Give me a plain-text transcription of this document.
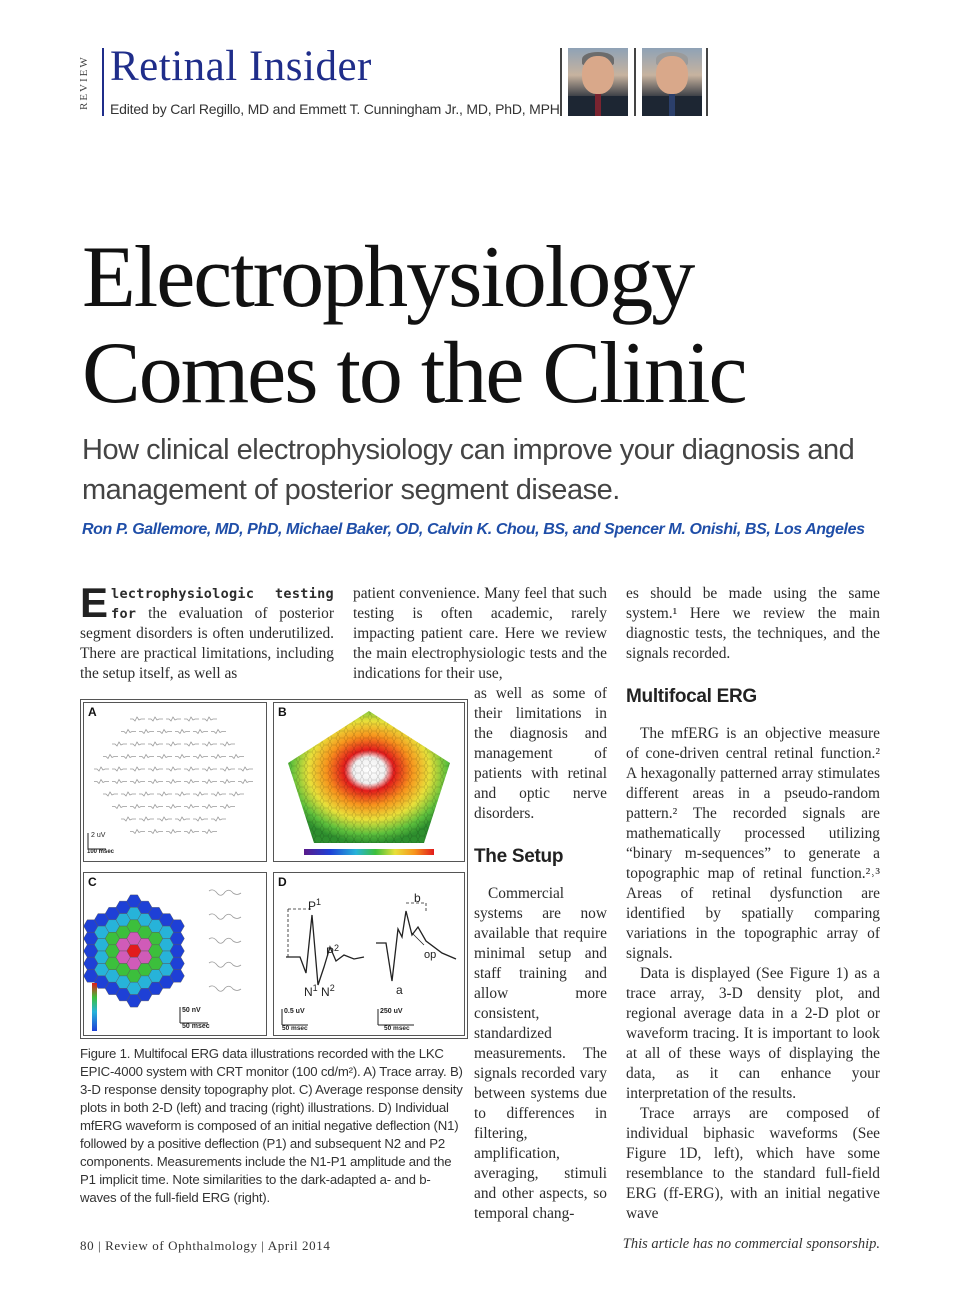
REVIEW Retinal Insider
Edited by Carl Regillo, MD and Emmett T. Cunningham Jr., MD, PhD, MPH
Electrophysiology
Comes to the Clinic
How clinical electrophysiology can improve your diagnosis and management of posterior segment disease.
Ron P. Gallemore, MD, PhD, Michael Baker, OD, Calvin K. Chou, BS, and Spencer M. Onishi, BS, Los Angeles

Electrophysiologic testing for the evaluation of posterior segment disorders is often underutilized. There are practical limitations, including the setup itself, as well as

patient convenience. Many feel that such testing is often academic, rarely impacting patient care. Here we review the main electrophysiologic tests and the indications for their use,

as well as some of their limitations in the diagnosis and management of patients with retinal and optic nerve disorders.

The Setup

Commercial systems are now available that require minimal setup and staff training and allow more consistent, standardized measurements. The signals recorded vary between systems due to differences in filtering, amplification, averaging, stimuli and other aspects, so temporal chang-

es should be made using the same system.¹ Here we review the main diagnostic tests, the techniques, and the signals recorded.

Multifocal ERG

The mfERG is an objective measure of cone-driven central retinal function.² A hexagonally patterned array stimulates different areas in a pseudo-random pattern.² The recorded signals are mathematically processed utilizing “binary m-sequences” to generate a topographic map of retinal function.²˒³ Areas of retinal dysfunction are identified by spatially comparing variations in the topographic array of signals.

Data is displayed (See Figure 1) as a trace array, 3-D density plot, and regional average data in a 2-D plot or waveform tracing. It is important to look at all of these ways of displaying the data, as it can enhance your interpretation of the results.

Trace arrays are composed of individual biphasic waveforms (See Figure 1D, left), which have some resemblance to the standard full-field ERG (ff-ERG), with an initial negative wave

A
2 uV
100 msec
B
C
50 nV
50 msec
D
$P^1$
$P^2$
$N^1$ $N^2$
b
op
a
0.5 uV
50 msec
250 uV
50 msec
Figure 1. Multifocal ERG data illustrations recorded with the LKC EPIC-4000 system with CRT monitor (100 cd/m²). A) Trace array. B) 3-D response density topography plot. C) Average response density plots in both 2-D (left) and tracing (right) illustrations. D) Individual mfERG waveform is composed of an initial negative deflection (N1) followed by a positive deflection (P1) and subsequent N2 and P2 components. Measurements include the N1-P1 amplitude and the P1 implicit time. Note similarities to the dark-adapted a- and b-waves of the full-field ERG (right).
80 | Review of Ophthalmology | April 2014	This article has no commercial sponsorship.
